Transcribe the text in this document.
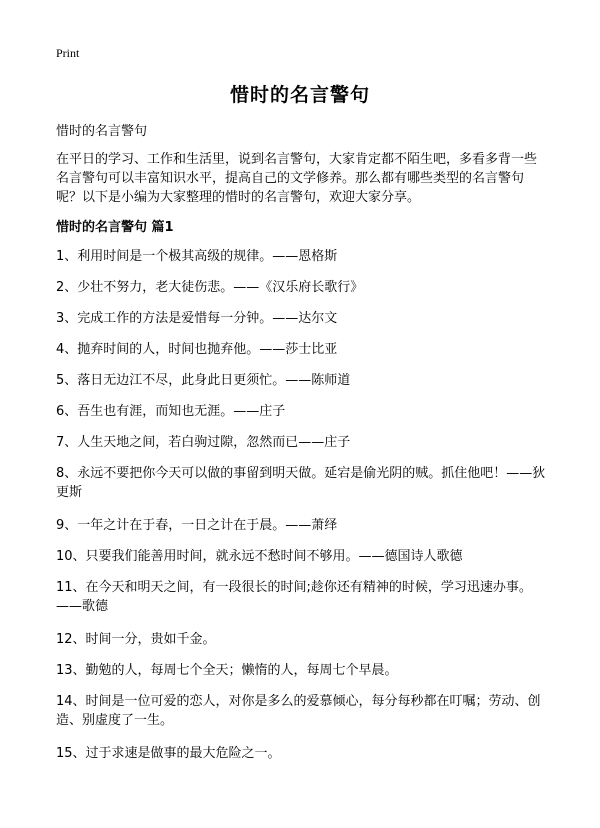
Print
惜时的名言警句
惜时的名言警句

在平日的学习、工作和生活里，说到名言警句，大家肯定都不陌生吧，多看多背一些名言警句可以丰富知识水平，提高自己的文学修养。那么都有哪些类型的名言警句呢？以下是小编为大家整理的惜时的名言警句，欢迎大家分享。

惜时的名言警句 篇1
1、利用时间是一个极其高级的规律。——恩格斯
2、少壮不努力，老大徒伤悲。——《汉乐府长歌行》
3、完成工作的方法是爱惜每一分钟。——达尔文
4、抛弃时间的人，时间也抛弃他。——莎士比亚
5、落日无边江不尽，此身此日更须忙。——陈师道
6、吾生也有涯，而知也无涯。——庄子
7、人生天地之间，若白驹过隙，忽然而已——庄子
8、永远不要把你今天可以做的事留到明天做。延宕是偷光阴的贼。抓住他吧！——狄更斯
9、一年之计在于春，一日之计在于晨。——萧绎
10、只要我们能善用时间，就永远不愁时间不够用。——德国诗人歌德
11、在今天和明天之间，有一段很长的时间;趁你还有精神的时候，学习迅速办事。——歌德
12、时间一分，贵如千金。
13、勤勉的人，每周七个全天；懒惰的人，每周七个早晨。
14、时间是一位可爱的恋人，对你是多么的爱慕倾心，每分每秒都在叮嘱；劳动、创造、别虚度了一生。
15、过于求速是做事的最大危险之一。
